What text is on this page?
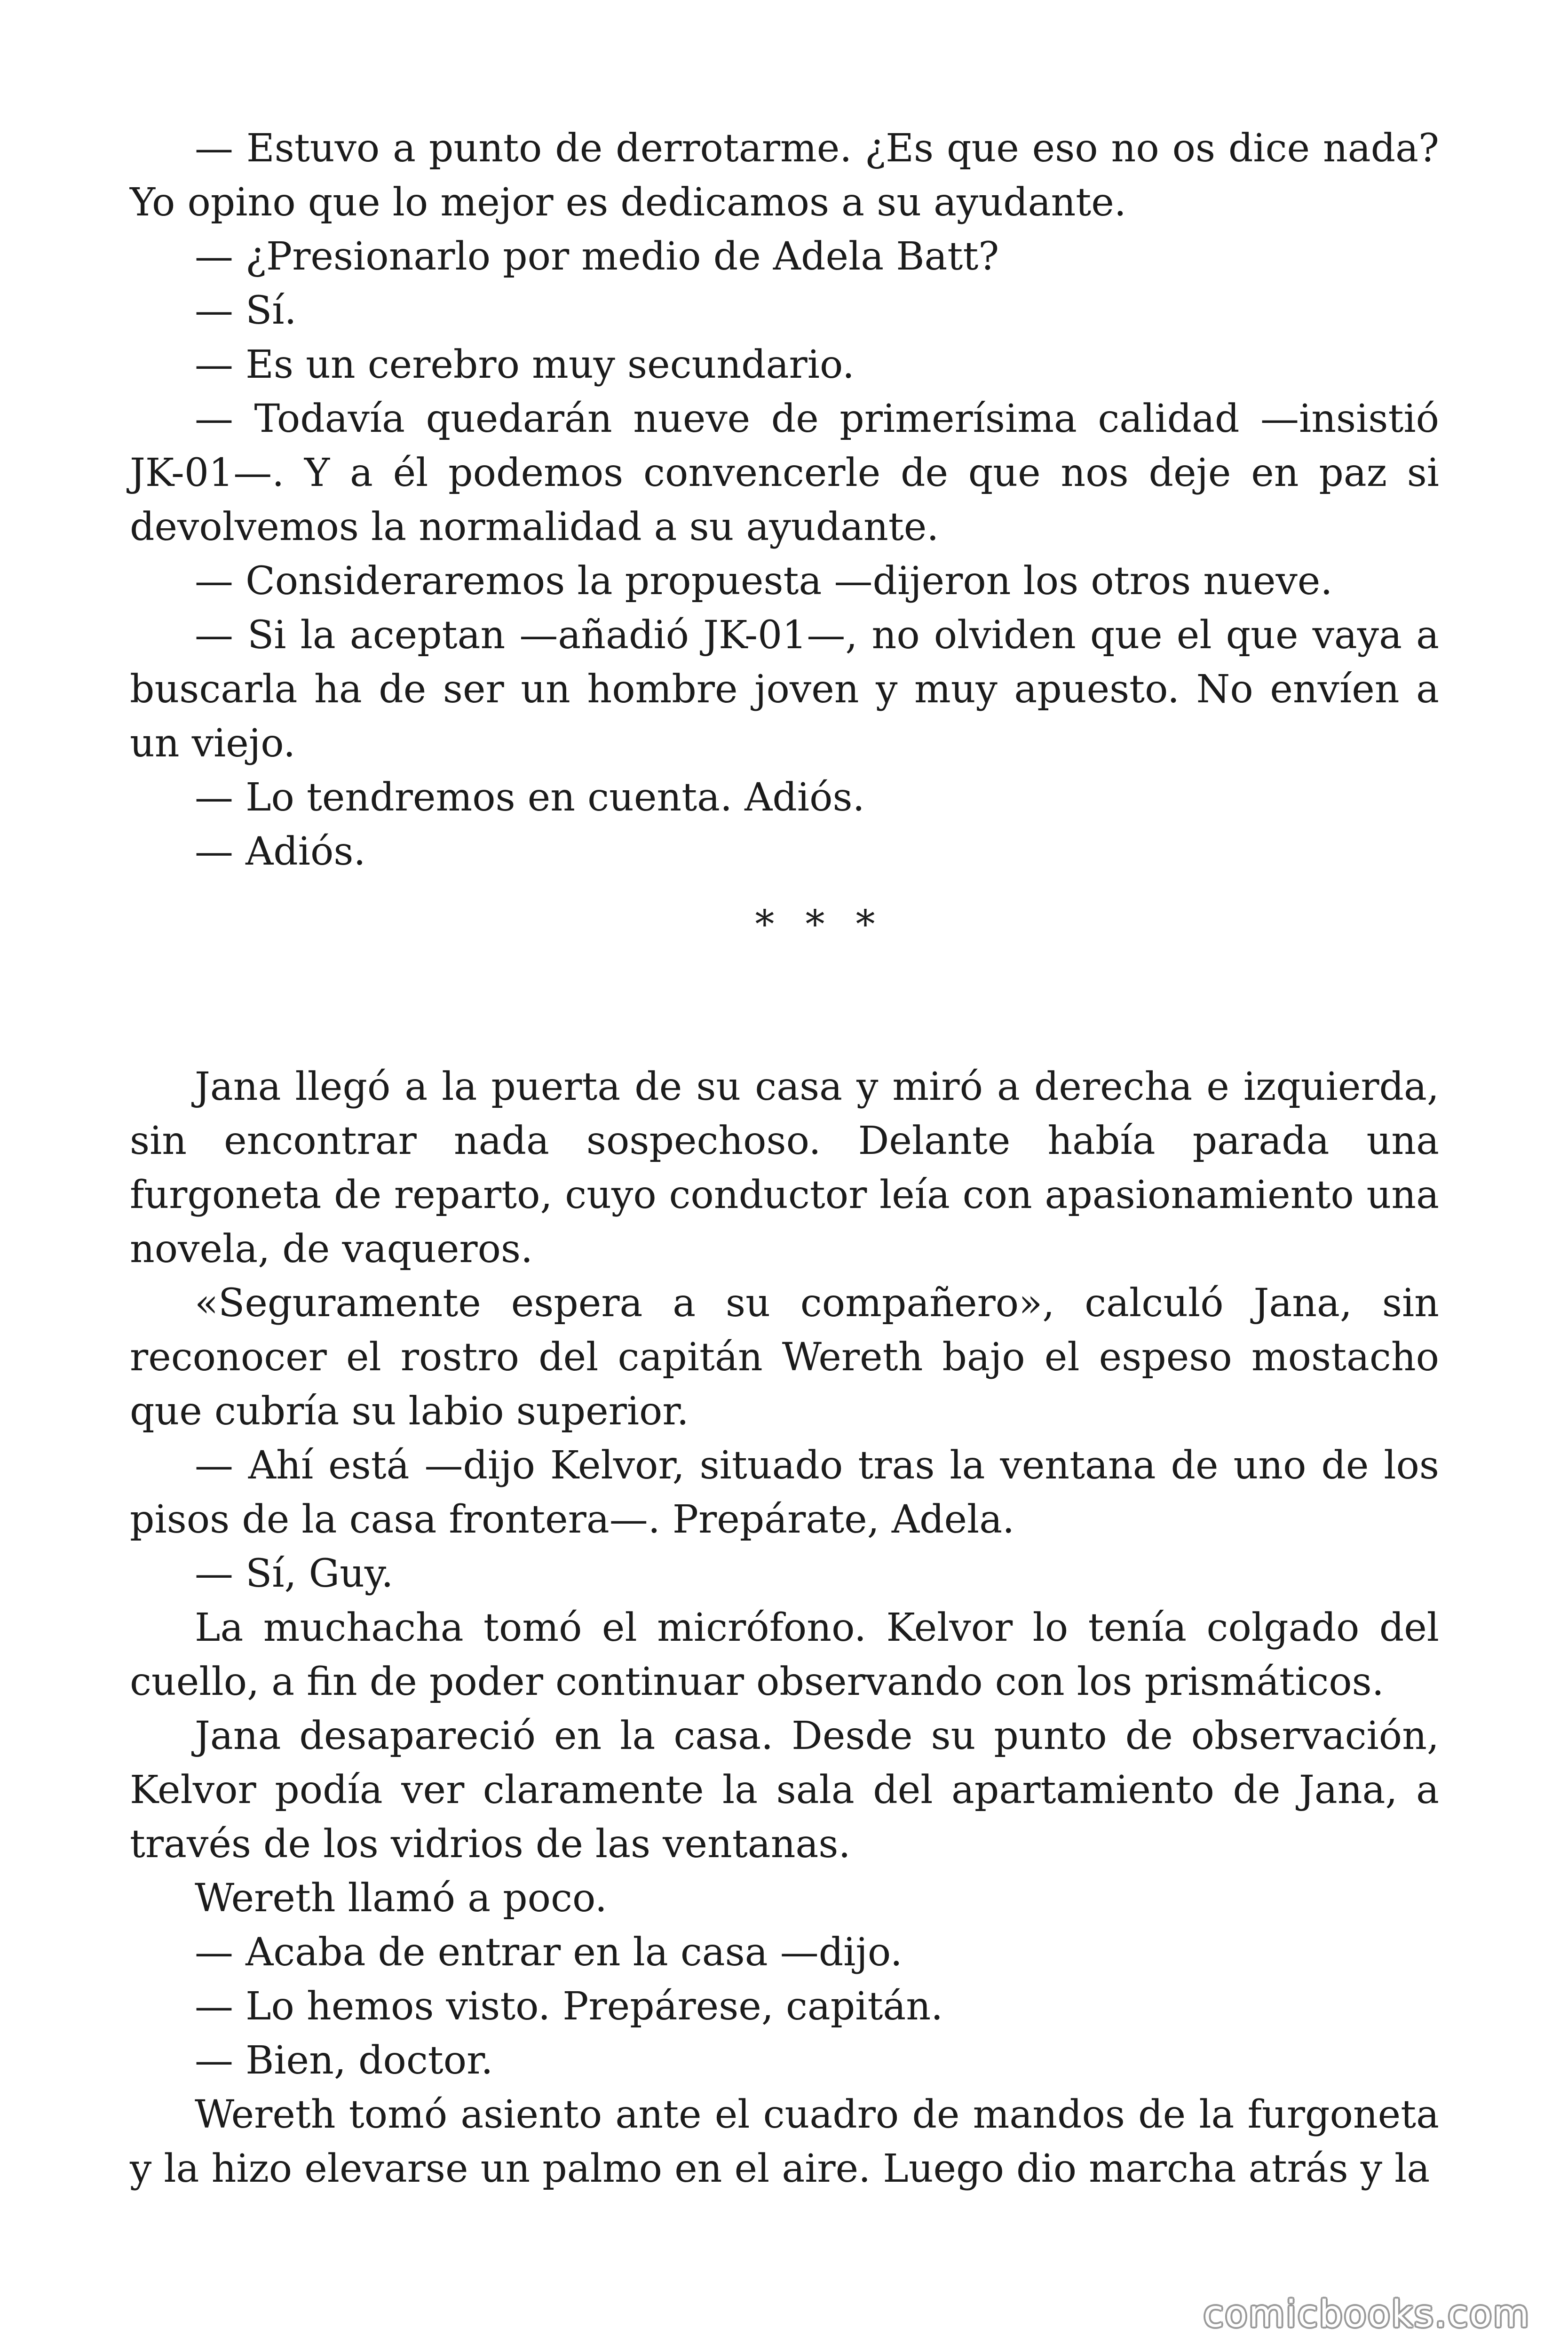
— Estuvo a punto de derrotarme. ¿Es que eso no os dice nada? Yo opino que lo mejor es dedicamos a su ayudante.

— ¿Presionarlo por medio de Adela Batt?

— Sí.

— Es un cerebro muy secundario.

— Todavía quedarán nueve de primerísima calidad —insistió JK-01—. Y a él podemos convencerle de que nos deje en paz si devolvemos la normalidad a su ayudante.

— Consideraremos la propuesta —dijeron los otros nueve.

— Si la aceptan —añadió JK-01—, no olviden que el que vaya a buscarla ha de ser un hombre joven y muy apuesto. No envíen a un viejo.

— Lo tendremos en cuenta. Adiós.

— Adiós.

* * *

Jana llegó a la puerta de su casa y miró a derecha e izquierda, sin encontrar nada sospechoso. Delante había parada una furgoneta de reparto, cuyo conductor leía con apasionamiento una novela, de vaqueros.

«Seguramente espera a su compañero», calculó Jana, sin reconocer el rostro del capitán Wereth bajo el espeso mostacho que cubría su labio superior.

— Ahí está —dijo Kelvor, situado tras la ventana de uno de los pisos de la casa frontera—. Prepárate, Adela.

— Sí, Guy.

La muchacha tomó el micrófono. Kelvor lo tenía colgado del cuello, a fin de poder continuar observando con los prismáticos.

Jana desapareció en la casa. Desde su punto de observación, Kelvor podía ver claramente la sala del apartamiento de Jana, a través de los vidrios de las ventanas.

Wereth llamó a poco.

— Acaba de entrar en la casa —dijo.

— Lo hemos visto. Prepárese, capitán.

— Bien, doctor.

Wereth tomó asiento ante el cuadro de mandos de la furgoneta y la hizo elevarse un palmo en el aire. Luego dio marcha atrás y la

comicbooks.com
